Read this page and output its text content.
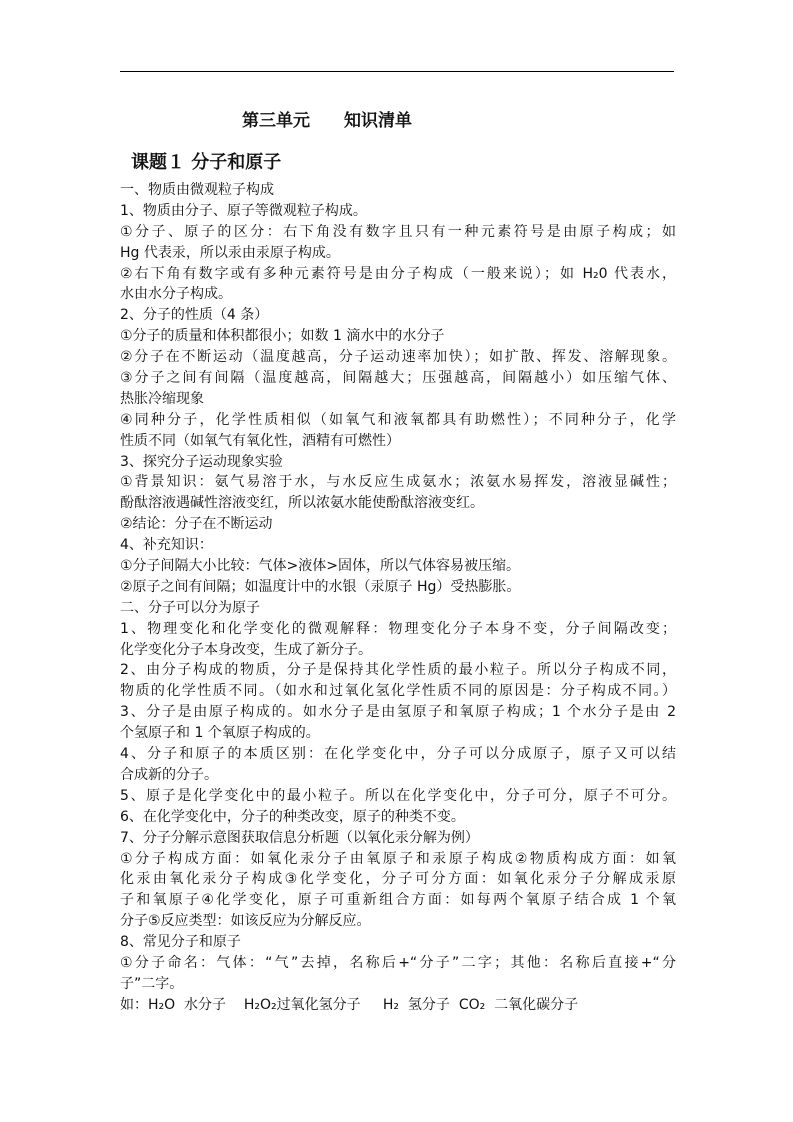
第三单元　　知识清单
课题１ 分子和原子
一、物质由微观粒子构成
1、物质由分子、原子等微观粒子构成。
①分子、原子的区分：右下角没有数字且只有一种元素符号是由原子构成；如
Hg 代表汞，所以汞由汞原子构成。
②右下角有数字或有多种元素符号是由分子构成（一般来说）；如 H₂0 代表水，
水由水分子构成。
2、分子的性质（4 条）
①分子的质量和体积都很小；如数 1 滴水中的水分子
②分子在不断运动（温度越高，分子运动速率加快）；如扩散、挥发、溶解现象。
③分子之间有间隔（温度越高，间隔越大；压强越高，间隔越小）如压缩气体、
热胀冷缩现象
④同种分子，化学性质相似（如氧气和液氧都具有助燃性）；不同种分子，化学
性质不同（如氧气有氧化性，酒精有可燃性）
3、探究分子运动现象实验
①背景知识：氨气易溶于水，与水反应生成氨水；浓氨水易挥发，溶液显碱性；
酚酞溶液遇碱性溶液变红，所以浓氨水能使酚酞溶液变红。
②结论：分子在不断运动
4、补充知识：
①分子间隔大小比较：气体>液体>固体，所以气体容易被压缩。
②原子之间有间隔；如温度计中的水银（汞原子 Hg）受热膨胀。
二、分子可以分为原子
1、物理变化和化学变化的微观解释：物理变化分子本身不变，分子间隔改变；
化学变化分子本身改变，生成了新分子。
2、由分子构成的物质，分子是保持其化学性质的最小粒子。所以分子构成不同，
物质的化学性质不同。（如水和过氧化氢化学性质不同的原因是：分子构成不同。）
3、分子是由原子构成的。如水分子是由氢原子和氧原子构成；1 个水分子是由 2
个氢原子和 1 个氧原子构成的。
4、分子和原子的本质区别：在化学变化中，分子可以分成原子，原子又可以结
合成新的分子。
5、原子是化学变化中的最小粒子。所以在化学变化中，分子可分，原子不可分。
6、在化学变化中，分子的种类改变，原子的种类不变。
7、分子分解示意图获取信息分析题（以氧化汞分解为例）
①分子构成方面：如氧化汞分子由氧原子和汞原子构成②物质构成方面：如氧
化汞由氧化汞分子构成③化学变化，分子可分方面：如氧化汞分子分解成汞原
子和氧原子④化学变化，原子可重新组合方面：如每两个氧原子结合成 1 个氧
分子⑤反应类型：如该反应为分解反应。
8、常见分子和原子
①分子命名：气体：“气”去掉，名称后+“分子”二字；其他：名称后直接+“分
子”二字。
如：H₂O  水分子    H₂O₂过氧化氢分子     H₂  氢分子  CO₂  二氧化碳分子
